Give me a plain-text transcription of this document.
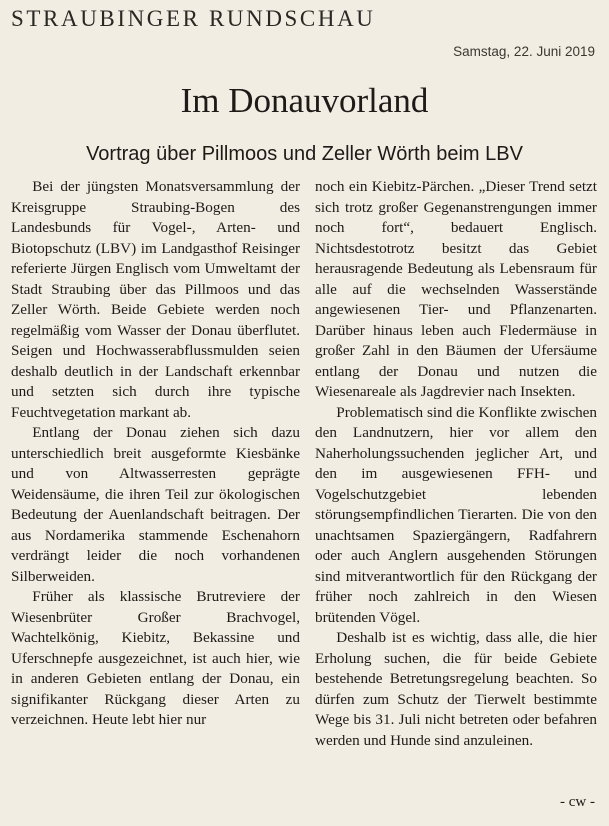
STRAUBINGER RUNDSCHAU
Samstag, 22. Juni 2019
Im Donauvorland
Vortrag über Pillmoos und Zeller Wörth beim LBV

Bei der jüngsten Monatsversammlung der Kreisgruppe Straubing-Bogen des Landesbunds für Vogel-, Arten- und Biotopschutz (LBV) im Landgasthof Reisinger referierte Jürgen Englisch vom Umweltamt der Stadt Straubing über das Pillmoos und das Zeller Wörth. Beide Gebiete werden noch regelmäßig vom Wasser der Donau überflutet. Seigen und Hochwasserabflussmulden seien deshalb deutlich in der Landschaft erkennbar und setzten sich durch ihre typische Feuchtvegetation markant ab.

Entlang der Donau ziehen sich dazu unterschiedlich breit ausgeformte Kiesbänke und von Altwasserresten geprägte Weidensäume, die ihren Teil zur ökologischen Bedeutung der Auenlandschaft beitragen. Der aus Nordamerika stammende Eschenahorn verdrängt leider die noch vorhandenen Silberweiden.

Früher als klassische Brutreviere der Wiesenbrüter Großer Brachvogel, Wachtelkönig, Kiebitz, Bekassine und Uferschnepfe ausgezeichnet, ist auch hier, wie in anderen Gebieten entlang der Donau, ein signifikanter Rückgang dieser Arten zu verzeichnen. Heute lebt hier nur

noch ein Kiebitz-Pärchen. „Dieser Trend setzt sich trotz großer Gegenanstrengungen immer noch fort“, bedauert Englisch. Nichtsdestotrotz besitzt das Gebiet herausragende Bedeutung als Lebensraum für alle auf die wechselnden Wasserstände angewiesenen Tier- und Pflanzenarten. Darüber hinaus leben auch Fledermäuse in großer Zahl in den Bäumen der Ufersäume entlang der Donau und nutzen die Wiesenareale als Jagdrevier nach Insekten.

Problematisch sind die Konflikte zwischen den Landnutzern, hier vor allem den Naherholungssuchenden jeglicher Art, und den im ausgewiesenen FFH- und Vogelschutzgebiet lebenden störungsempfindlichen Tierarten. Die von den unachtsamen Spaziergängern, Radfahrern oder auch Anglern ausgehenden Störungen sind mitverantwortlich für den Rückgang der früher noch zahlreich in den Wiesen brütenden Vögel.

Deshalb ist es wichtig, dass alle, die hier Erholung suchen, die für beide Gebiete bestehende Betretungsregelung beachten. So dürfen zum Schutz der Tierwelt bestimmte Wege bis 31. Juli nicht betreten oder befahren werden und Hunde sind anzuleinen.

- cw -
